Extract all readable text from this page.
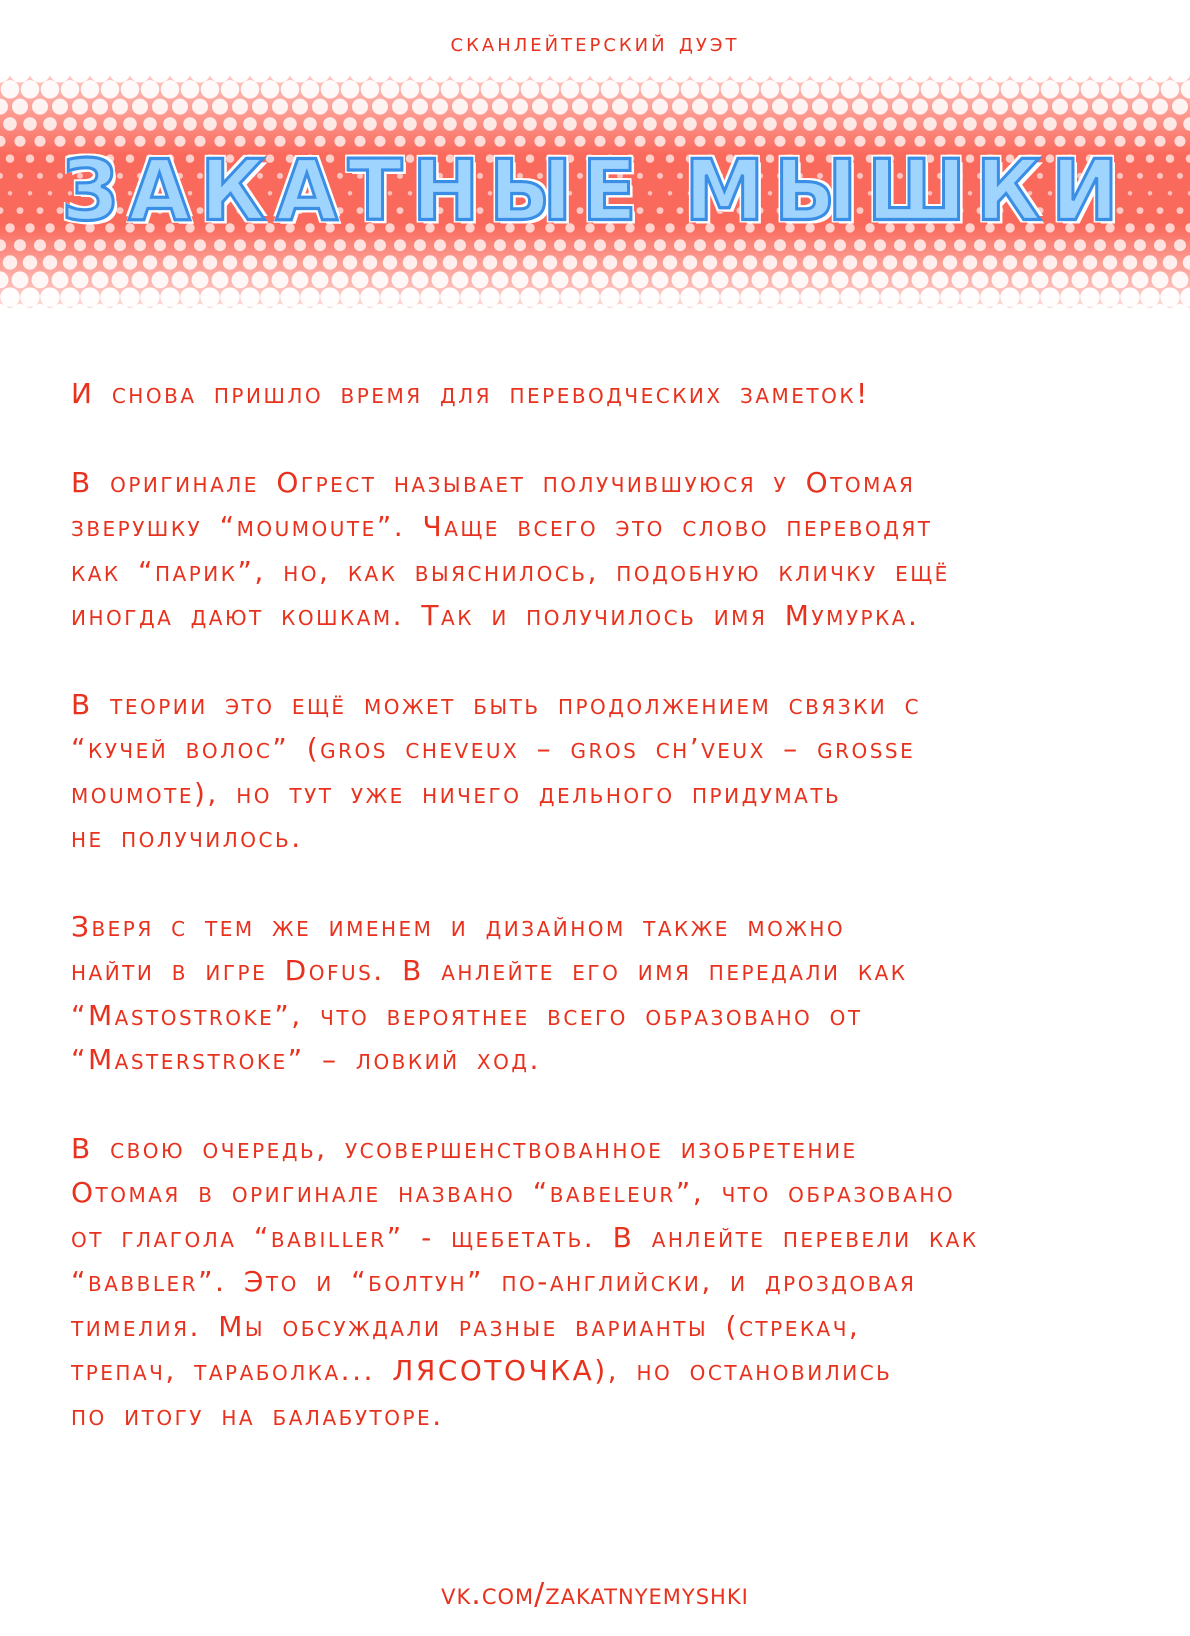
сканлейтерский дуэт
ЗАКАТНЫЕ МЫШКИ

И снова пришло время для переводческих заметок!

В оригинале Огрест называет получившуюся у Отомая
зверушку “moumoute”. Чаще всего это слово переводят
как “парик”, но, как выяснилось, подобную кличку ещё
иногда дают кошкам. Так и получилось имя Мумурка.

В теории это ещё может быть продолжением связки с
“кучей волос” (gros cheveux – gros ch’veux – grosse
moumote), но тут уже ничего дельного придумать
не получилось.

Зверя с тем же именем и дизайном также можно
найти в игре Dofus. В анлейте его имя передали как
“Mastostroke”, что вероятнее всего образовано от
“Masterstroke” – ловкий ход.

В свою очередь, усовершенствованное изобретение
Отомая в оригинале названо “babeleur”, что образовано
от глагола “babiller” - щебетать. В анлейте перевели как
“babbler”. Это и “болтун” по-английски, и дроздовая
тимелия. Мы обсуждали разные варианты (стрекач,
трепач, тараболка... ЛЯСОТОЧКА), но остановились
по итогу на балабуторе.

vk.com/zakatnyemyshki
